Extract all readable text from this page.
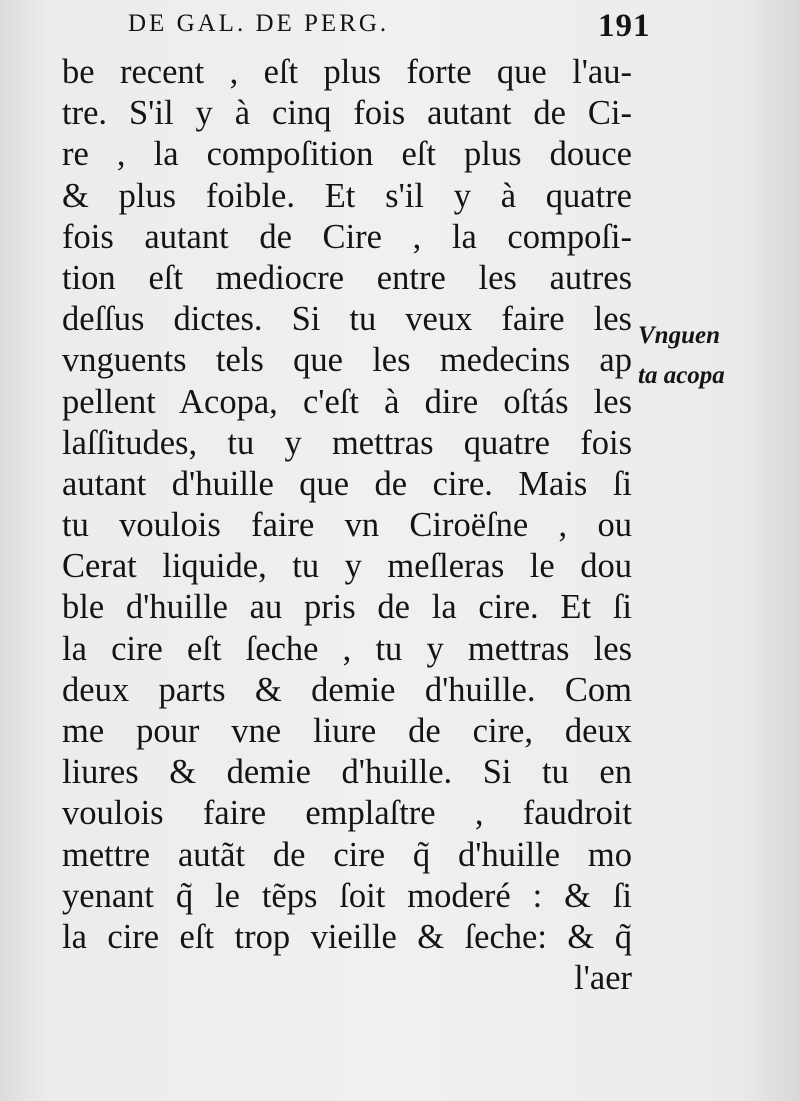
DE GAL. DE PERG.	191
be recent , eſt plus forte que l'au-
tre. S'il y à cinq fois autant de Ci-
re , la compoſition eſt plus douce
& plus foible. Et s'il y à quatre
fois autant de Cire , la compoſi-
tion eſt mediocre entre les autres
deſſus dictes. Si tu veux faire les
vnguents tels que les medecins ap
pellent Acopa, c'eſt à dire oſtás les
laſſitudes, tu y mettras quatre fois
autant d'huille que de cire. Mais ſi
tu voulois faire vn Ciroëſne , ou
Cerat liquide, tu y meſleras le dou
ble d'huille au pris de la cire. Et ſi
la cire eſt ſeche , tu y mettras les
deux parts & demie d'huille. Com
me pour vne liure de cire, deux
liures & demie d'huille. Si tu en
voulois faire emplaſtre , faudroit
mettre autãt de cire q̃ d'huille mo
yenant q̃ le tẽps ſoit moderé : & ſi
la cire eſt trop vieille & ſeche: & q̃
l'aer
Vnguen
ta acopa
